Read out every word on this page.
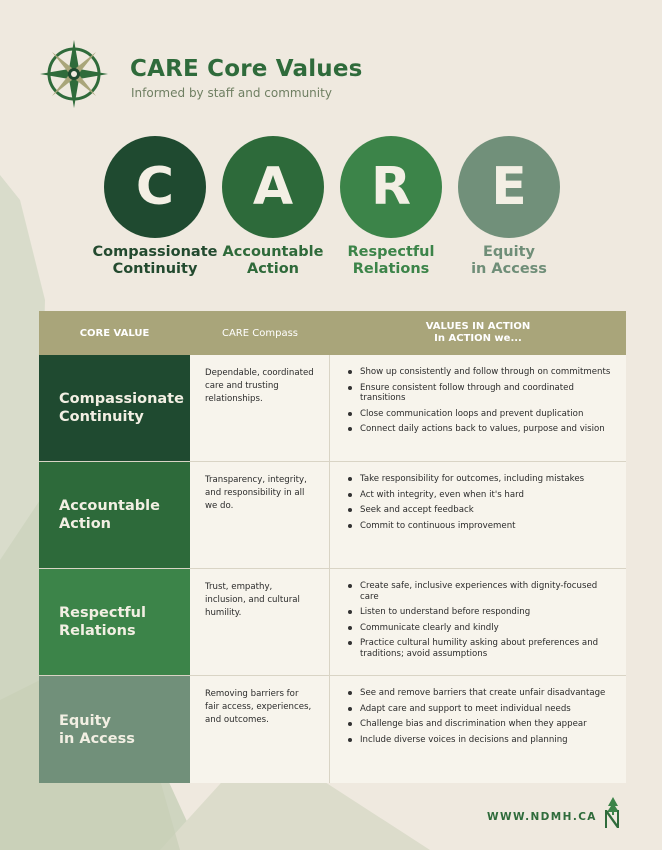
CARE Core Values
Informed by staff and community
C A R E
Compassionate
Continuity
Accountable
Action
Respectful
Relations
Equity
in Access
CORE VALUE	CARE Compass
VALUES IN ACTION
In ACTION we...
Compassionate
Continuity
Dependable, coordinated care and trusting relationships.
Show up consistently and follow through on commitments
Ensure consistent follow through and coordinated transitions
Close communication loops and prevent duplication
Connect daily actions back to values, purpose and vision
Accountable
Action
Transparency, integrity, and responsibility in all we do.
Take responsibility for outcomes, including mistakes
Act with integrity, even when it's hard
Seek and accept feedback
Commit to continuous improvement
Respectful
Relations
Trust, empathy, inclusion, and cultural humility.
Create safe, inclusive experiences with dignity-focused care
Listen to understand before responding
Communicate clearly and kindly
Practice cultural humility asking about preferences and traditions; avoid assumptions
Equity
in Access
Removing barriers for fair access, experiences, and outcomes.
See and remove barriers that create unfair disadvantage
Adapt care and support to meet individual needs
Challenge bias and discrimination when they appear
Include diverse voices in decisions and planning
WWW.NDMH.CA
